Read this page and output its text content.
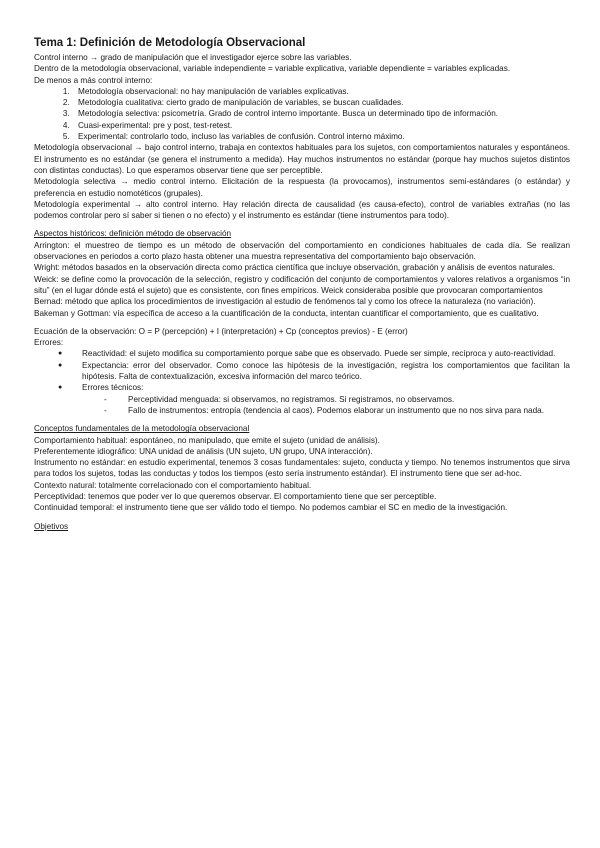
Tema 1: Definición de Metodología Observacional

Control interno → grado de manipulación que el investigador ejerce sobre las variables.

Dentro de la metodología observacional, variable independiente = variable explicativa, variable dependiente = variables explicadas.

De menos a más control interno:

1. Metodología observacional: no hay manipulación de variables explicativas.
2. Metodología cualitativa: cierto grado de manipulación de variables, se buscan cualidades.
3. Metodología selectiva: psicometría. Grado de control interno importante. Busca un determinado tipo de información.
4. Cuasi-experimental: pre y post, test-retest.
5. Experimental: controlarlo todo, incluso las variables de confusión. Control interno máximo.

Metodología observacional → bajo control interno, trabaja en contextos habituales para los sujetos, con comportamientos naturales y espontáneos. El instrumento es no estándar (se genera el instrumento a medida). Hay muchos instrumentos no estándar (porque hay muchos sujetos distintos con distintas conductas). Lo que esperamos observar tiene que ser perceptible.

Metodología selectiva → medio control interno. Elicitación de la respuesta (la provocamos), instrumentos semi-estándares (o estándar) y preferencia en estudio nomotéticos (grupales).

Metodología experimental → alto control interno. Hay relación directa de causalidad (es causa-efecto), control de variables extrañas (no las podemos controlar pero sí saber si tienen o no efecto) y el instrumento es estándar (tiene instrumentos para todo).

Aspectos históricos: definición método de observación

Arrington: el muestreo de tiempo es un método de observación del comportamiento en condiciones habituales de cada día. Se realizan observaciones en periodos a corto plazo hasta obtener una muestra representativa del comportamiento bajo observación.

Wright: métodos basados en la observación directa como práctica científica que incluye observación, grabación y análisis de eventos naturales.

Weick: se define como la provocación de la selección, registro y codificación del conjunto de comportamientos y valores relativos a organismos “in situ” (en el lugar dónde está el sujeto) que es consistente, con fines empíricos. Weick consideraba posible que provocaran comportamientos

Bernad: método que aplica los procedimientos de investigación al estudio de fenómenos tal y como los ofrece la naturaleza (no variación).

Bakeman y Gottman: vía específica de acceso a la cuantificación de la conducta, intentan cuantificar el comportamiento, que es cualitativo.

Ecuación de la observación: O = P (percepción) + I (interpretación) + Cp (conceptos previos) - E (error)

Errores:

● Reactividad: el sujeto modifica su comportamiento porque sabe que es observado. Puede ser simple, recíproca y auto-reactividad.
● Expectancia: error del observador. Como conoce las hipótesis de la investigación, registra los comportamientos que facilitan la hipótesis. Falta de contextualización, excesiva información del marco teórico.
● Errores técnicos:
- Perceptividad menguada: si observamos, no registramos. Si registramos, no observamos.
- Fallo de instrumentos: entropía (tendencia al caos). Podemos elaborar un instrumento que no nos sirva para nada.

Conceptos fundamentales de la metodología observacional

Comportamiento habitual: espontáneo, no manipulado, que emite el sujeto (unidad de análisis).

Preferentemente idiográfico: UNA unidad de análisis (UN sujeto, UN grupo, UNA interacción).

Instrumento no estándar: en estudio experimental, tenemos 3 cosas fundamentales: sujeto, conducta y tiempo. No tenemos instrumentos que sirva para todos los sujetos, todas las conductas y todos los tiempos (esto sería instrumento estándar). El instrumento tiene que ser ad-hoc.

Contexto natural: totalmente correlacionado con el comportamiento habitual.

Perceptividad: tenemos que poder ver lo que queremos observar. El comportamiento tiene que ser perceptible.

Continuidad temporal: el instrumento tiene que ser válido todo el tiempo. No podemos cambiar el SC en medio de la investigación.

Objetivos
